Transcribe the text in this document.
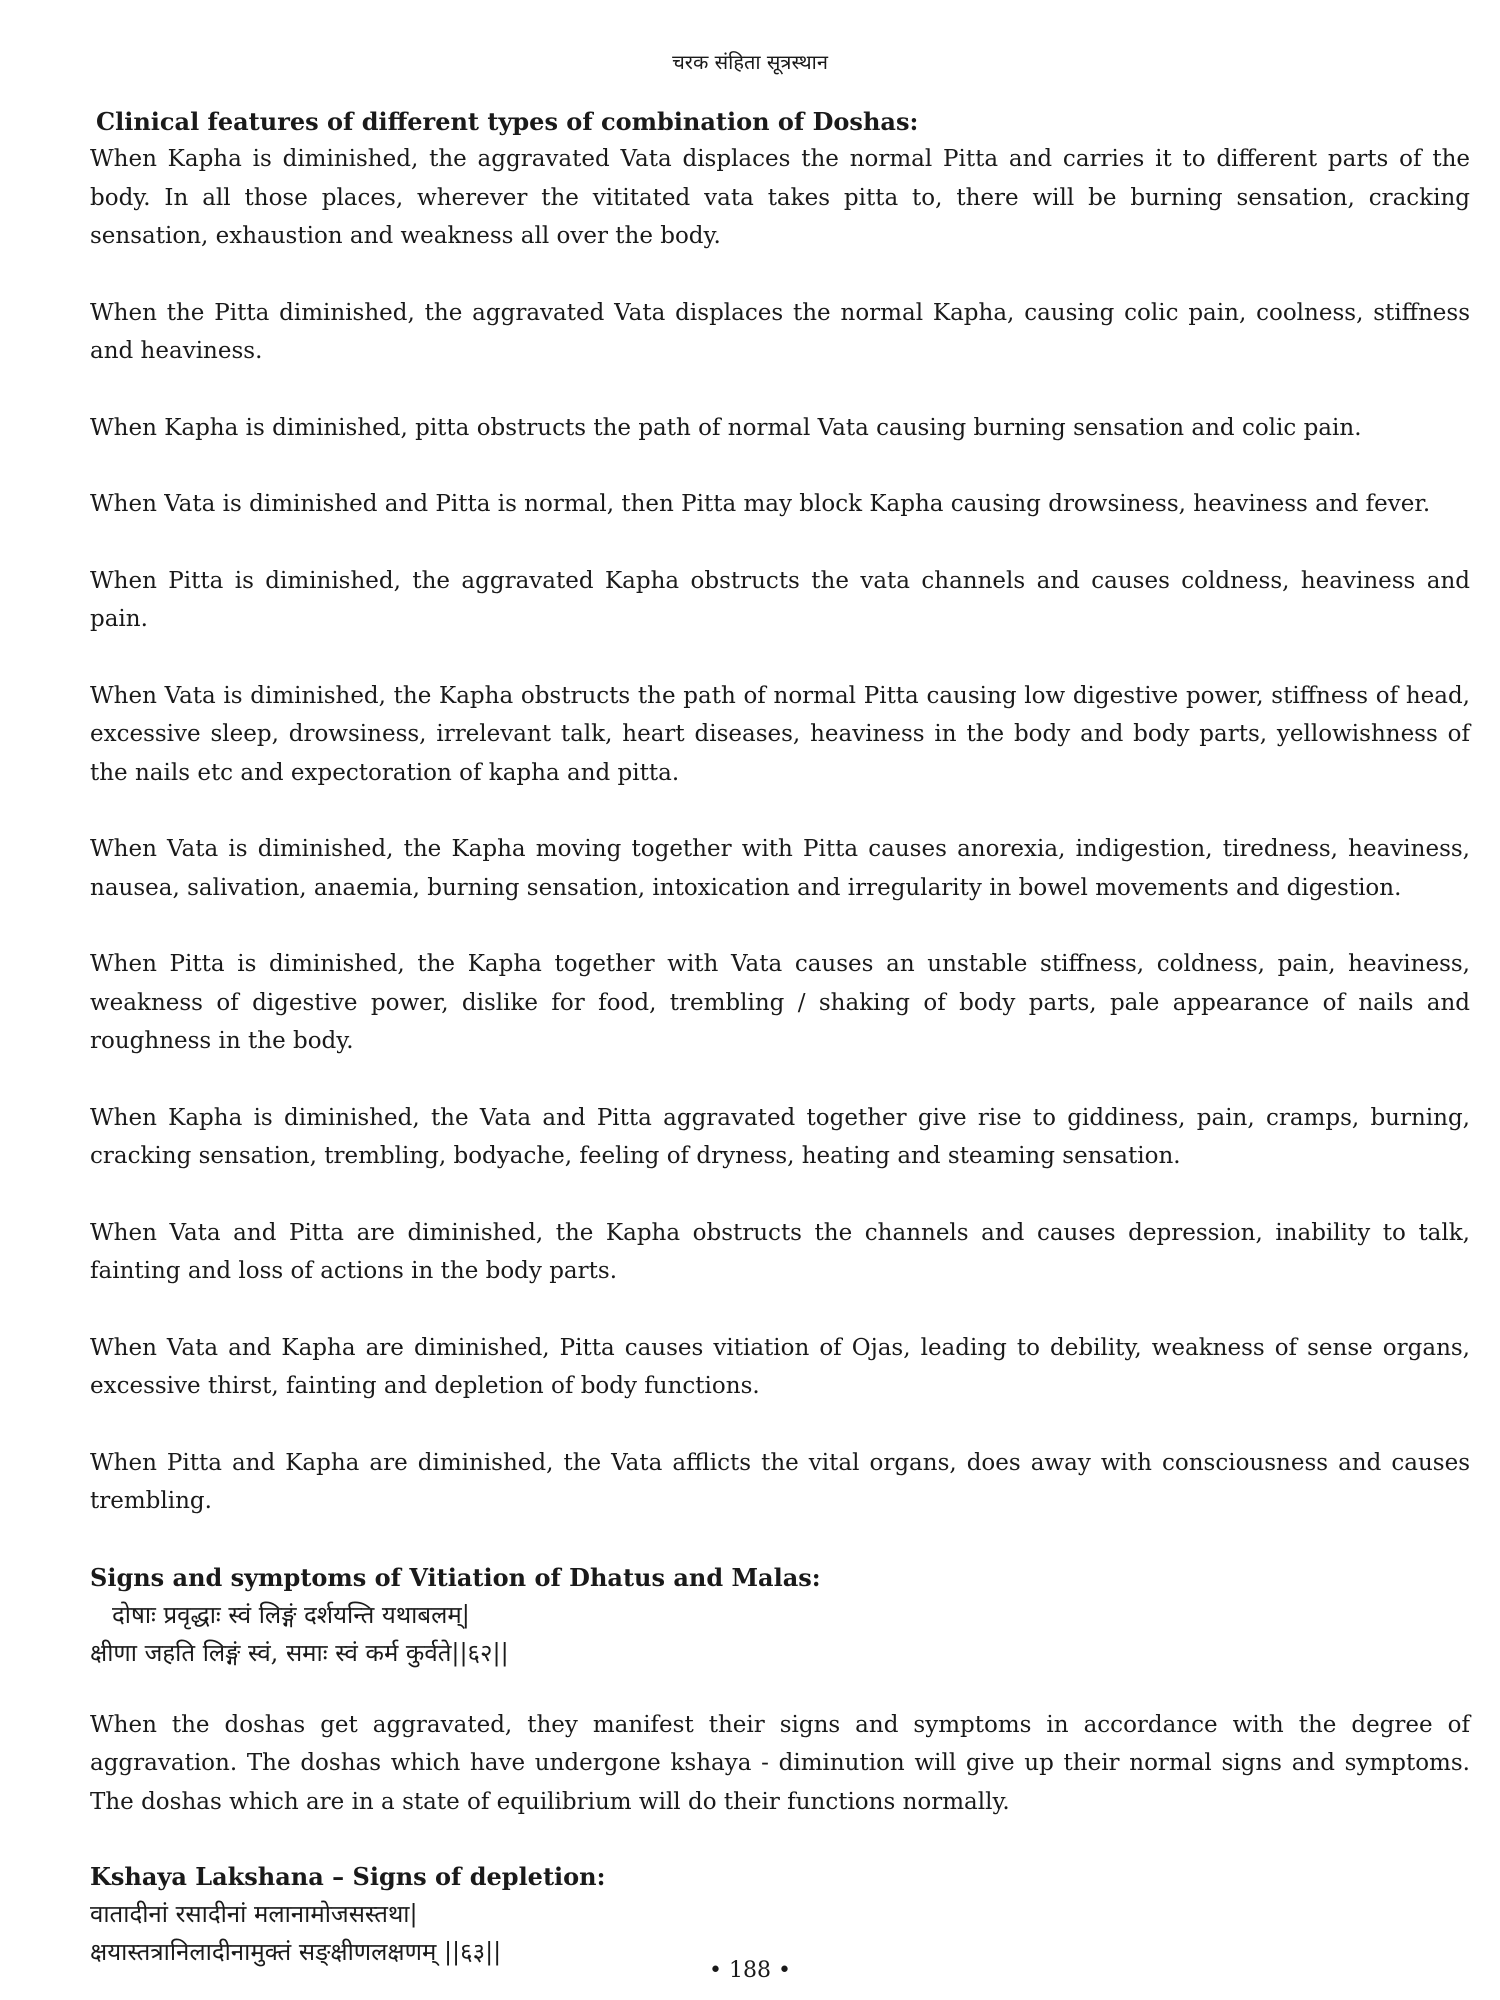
चरक संहिता सूत्रस्थान
Clinical features of different types of combination of Doshas:

When Kapha is diminished, the aggravated Vata displaces the normal Pitta and carries it to different parts of the body. In all those places, wherever the vititated vata takes pitta to, there will be burning sensation, cracking sensation, exhaustion and weakness all over the body.

When the Pitta diminished, the aggravated Vata displaces the normal Kapha, causing colic pain, coolness, stiffness and heaviness.

When Kapha is diminished, pitta obstructs the path of normal Vata causing burning sensation and colic pain.

When Vata is diminished and Pitta is normal, then Pitta may block Kapha causing drowsiness, heaviness and fever.

When Pitta is diminished, the aggravated Kapha obstructs the vata channels and causes coldness, heaviness and pain.

When Vata is diminished, the Kapha obstructs the path of normal Pitta causing low digestive power, stiffness of head, excessive sleep, drowsiness, irrelevant talk, heart diseases, heaviness in the body and body parts, yellowishness of the nails etc and expectoration of kapha and pitta.

When Vata is diminished, the Kapha moving together with Pitta causes anorexia, indigestion, tiredness, heaviness, nausea, salivation, anaemia, burning sensation, intoxication and irregularity in bowel movements and digestion.

When Pitta is diminished, the Kapha together with Vata causes an unstable stiffness, coldness, pain, heaviness, weakness of digestive power, dislike for food, trembling / shaking of body parts, pale appearance of nails and roughness in the body.

When Kapha is diminished, the Vata and Pitta aggravated together give rise to giddiness, pain, cramps, burning, cracking sensation, trembling, bodyache, feeling of dryness, heating and steaming sensation.

When Vata and Pitta are diminished, the Kapha obstructs the channels and causes depression, inability to talk, fainting and loss of actions in the body parts.

When Vata and Kapha are diminished, Pitta causes vitiation of Ojas, leading to debility, weakness of sense organs, excessive thirst, fainting and depletion of body functions.

When Pitta and Kapha are diminished, the Vata afflicts the vital organs, does away with consciousness and causes trembling.

Signs and symptoms of Vitiation of Dhatus and Malas:

दोषाः प्रवृद्धाः स्वं लिङ्गं दर्शयन्ति यथाबलम्|

क्षीणा जहति लिङ्गं स्वं, समाः स्वं कर्म कुर्वते||६२||

When the doshas get aggravated, they manifest their signs and symptoms in accordance with the degree of aggravation. The doshas which have undergone kshaya - diminution will give up their normal signs and symptoms. The doshas which are in a state of equilibrium will do their functions normally.

Kshaya Lakshana – Signs of depletion:

वातादीनां रसादीनां मलानामोजसस्तथा|

क्षयास्तत्रानिलादीनामुक्तं सङ्क्षीणलक्षणम् ||६३||

• 188 •
